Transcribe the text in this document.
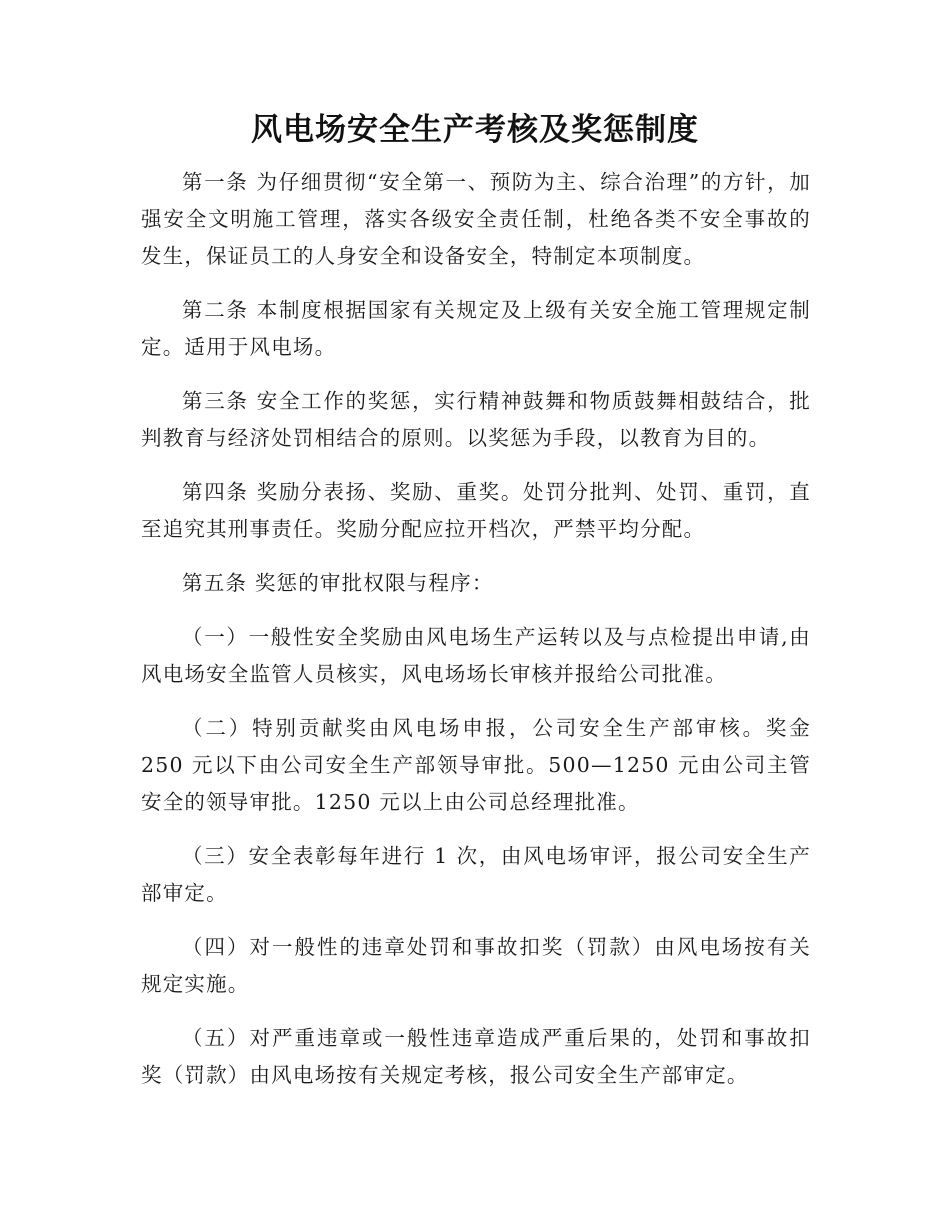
风电场安全生产考核及奖惩制度

第一条 为仔细贯彻“安全第一、预防为主、综合治理”的方针，加强安全文明施工管理，落实各级安全责任制，杜绝各类不安全事故的发生，保证员工的人身安全和设备安全，特制定本项制度。

第二条 本制度根据国家有关规定及上级有关安全施工管理规定制定。适用于风电场。

第三条 安全工作的奖惩，实行精神鼓舞和物质鼓舞相鼓结合，批判教育与经济处罚相结合的原则。以奖惩为手段，以教育为目的。

第四条 奖励分表扬、奖励、重奖。处罚分批判、处罚、重罚，直至追究其刑事责任。奖励分配应拉开档次，严禁平均分配。

第五条 奖惩的审批权限与程序：

（一）一般性安全奖励由风电场生产运转以及与点检提出申请,由风电场安全监管人员核实，风电场场长审核并报给公司批准。

（二）特别贡献奖由风电场申报，公司安全生产部审核。奖金 250 元以下由公司安全生产部领导审批。500—1250 元由公司主管安全的领导审批。1250 元以上由公司总经理批准。

（三）安全表彰每年进行 1 次，由风电场审评，报公司安全生产部审定。

（四）对一般性的违章处罚和事故扣奖（罚款）由风电场按有关规定实施。

（五）对严重违章或一般性违章造成严重后果的，处罚和事故扣奖（罚款）由风电场按有关规定考核，报公司安全生产部审定。
